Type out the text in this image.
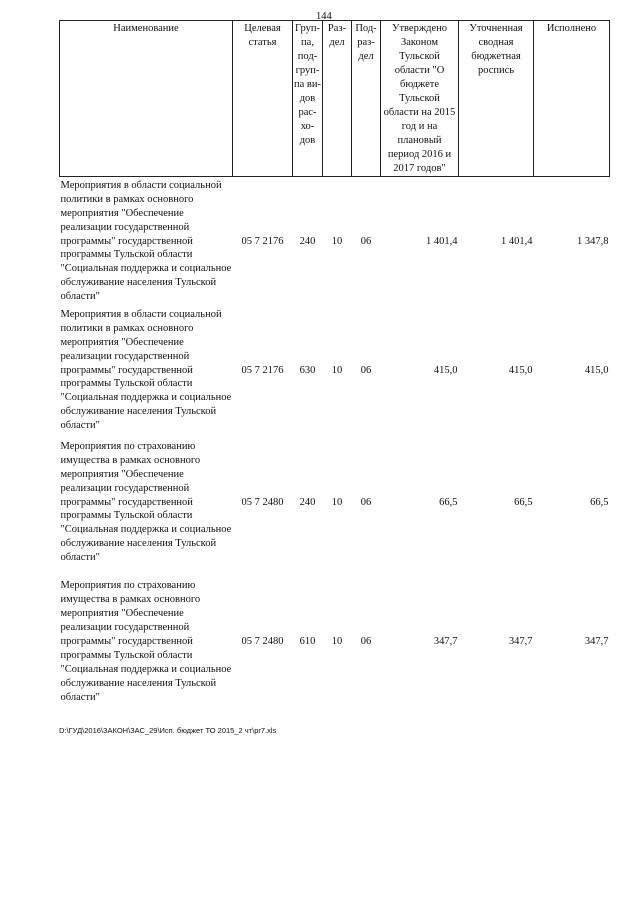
144
Наименование	Целевая статья	Груп-па, под-груп-па ви-дов рас-хо-дов	Раз-дел	Под-раз-дел	Утверждено Законом Тульской области "О бюджете Тульской области на 2015 год и на плановый период 2016 и 2017 годов"	Уточненная сводная бюджетная роспись	Исполнено
Мероприятия в области социальной политики в рамках основного мероприятия "Обеспечение реализации государственной программы" государственной программы Тульской области "Социальная поддержка и социальное обслуживание населения Тульской области"	05 7 2176	240	10	06	1 401,4	1 401,4	1 347,8
Мероприятия в области социальной политики в рамках основного мероприятия "Обеспечение реализации государственной программы" государственной программы Тульской области "Социальная поддержка и социальное обслуживание населения Тульской области"	05 7 2176	630	10	06	415,0	415,0	415,0
Мероприятия по страхованию имущества в рамках основного мероприятия "Обеспечение реализации государственной программы" государственной программы Тульской области "Социальная поддержка и социальное обслуживание населения Тульской области"	05 7 2480	240	10	06	66,5	66,5	66,5

Мероприятия по страхованию имущества в рамках основного мероприятия "Обеспечение реализации государственной программы" государственной программы Тульской области "Социальная поддержка и социальное обслуживание населения Тульской области"	05 7 2480	610	10	06	347,7	347,7	347,7
D:\ГУД\2016\ЗАКОН\ЗАС_29\Исп. бюджет ТО 2015_2 чт\pr7.xls
